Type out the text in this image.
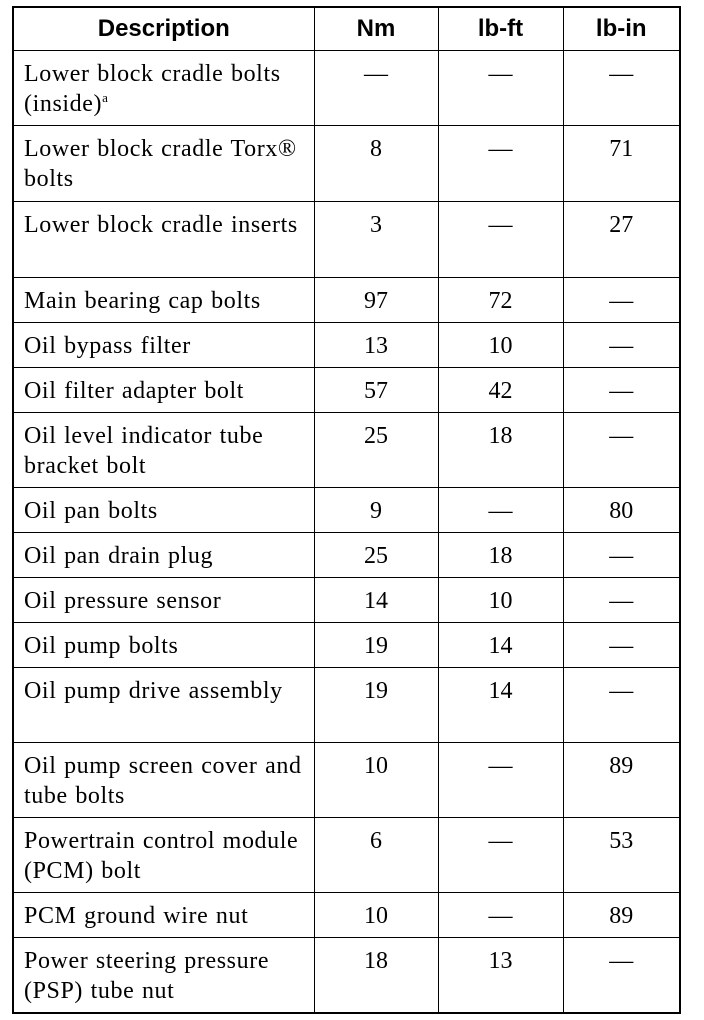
Description	Nm	lb-ft	lb-in
Lower block cradle bolts (inside)$^a$	—	—	—
Lower block cradle Torx® bolts	8	—	71
Lower block cradle inserts	3	—	27
Main bearing cap bolts	97	72	—
Oil bypass filter	13	10	—
Oil filter adapter bolt	57	42	—
Oil level indicator tube bracket bolt	25	18	—
Oil pan bolts	9	—	80
Oil pan drain plug	25	18	—
Oil pressure sensor	14	10	—
Oil pump bolts	19	14	—
Oil pump drive assembly	19	14	—
Oil pump screen cover and tube bolts	10	—	89
Powertrain control module (PCM) bolt	6	—	53
PCM ground wire nut	10	—	89
Power steering pressure (PSP) tube nut	18	13	—
